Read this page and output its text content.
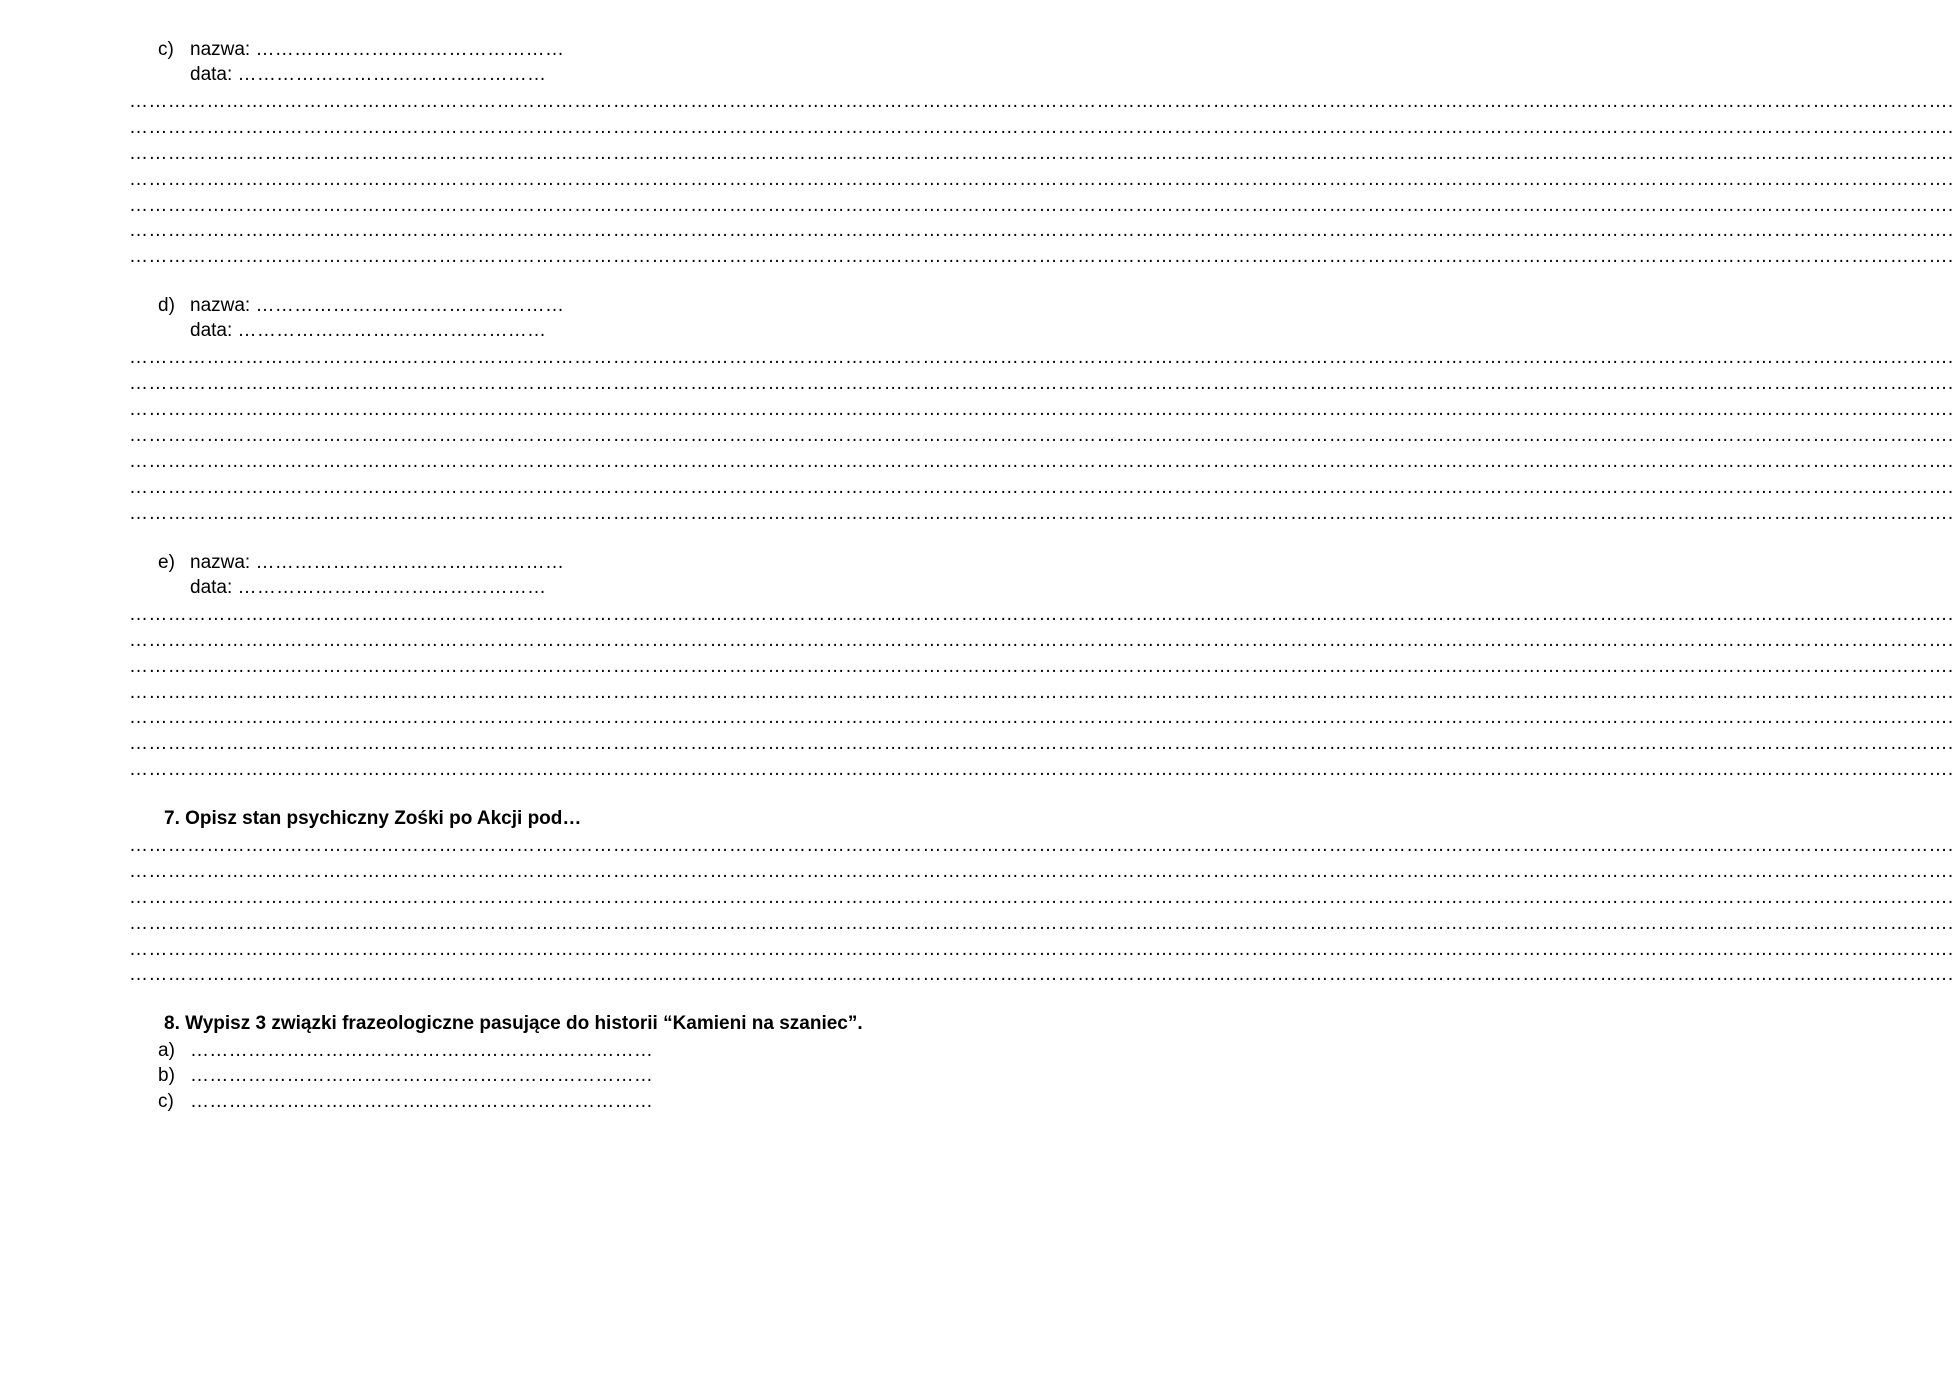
c) nazwa: …………………………………………
data: …………………………………………
………………………………………………………………………………………………………………………………………………………………………………………………………………………………………………………….
………………………………………………………………………………………………………………………………………………………………………………………………………………………………………………………….
………………………………………………………………………………………………………………………………………………………………………………………………………………………………………………………….
………………………………………………………………………………………………………………………………………………………………………………………………………………………………………………………….
………………………………………………………………………………………………………………………………………………………………………………………………………………………………………………………….
………………………………………………………………………………………………………………………………………………………………………………………………………………………………………………………….
………………………………………………………………………………………………………………………………………………………………………………………………………………………………………………………….
d) nazwa: …………………………………………
data: …………………………………………
………………………………………………………………………………………………………………………………………………………………………………………………………………………………………………………….
………………………………………………………………………………………………………………………………………………………………………………………………………………………………………………………….
………………………………………………………………………………………………………………………………………………………………………………………………………………………………………………………….
………………………………………………………………………………………………………………………………………………………………………………………………………………………………………………………….
………………………………………………………………………………………………………………………………………………………………………………………………………………………………………………………….
………………………………………………………………………………………………………………………………………………………………………………………………………………………………………………………….
………………………………………………………………………………………………………………………………………………………………………………………………………………………………………………………….
e) nazwa: …………………………………………
data: …………………………………………
………………………………………………………………………………………………………………………………………………………………………………………………………………………………………………………….
………………………………………………………………………………………………………………………………………………………………………………………………………………………………………………………….
………………………………………………………………………………………………………………………………………………………………………………………………………………………………………………………….
………………………………………………………………………………………………………………………………………………………………………………………………………………………………………………………….
………………………………………………………………………………………………………………………………………………………………………………………………………………………………………………………….
………………………………………………………………………………………………………………………………………………………………………………………………………………………………………………………….
………………………………………………………………………………………………………………………………………………………………………………………………………………………………………………………….
7. Opisz stan psychiczny Zośki po Akcji pod…
………………………………………………………………………………………………………………………………………………………………………………………………………………………………………………………….
………………………………………………………………………………………………………………………………………………………………………………………………………………………………………………………….
………………………………………………………………………………………………………………………………………………………………………………………………………………………………………………………….
………………………………………………………………………………………………………………………………………………………………………………………………………………………………………………………….
………………………………………………………………………………………………………………………………………………………………………………………………………………………………………………………….
………………………………………………………………………………………………………………………………………………………………………………………………………………………………………………………….
8. Wypisz 3 związki frazeologiczne pasujące do historii “Kamieni na szaniec”.
a) ………………………………………………………………
b) ………………………………………………………………
c) ………………………………………………………………
